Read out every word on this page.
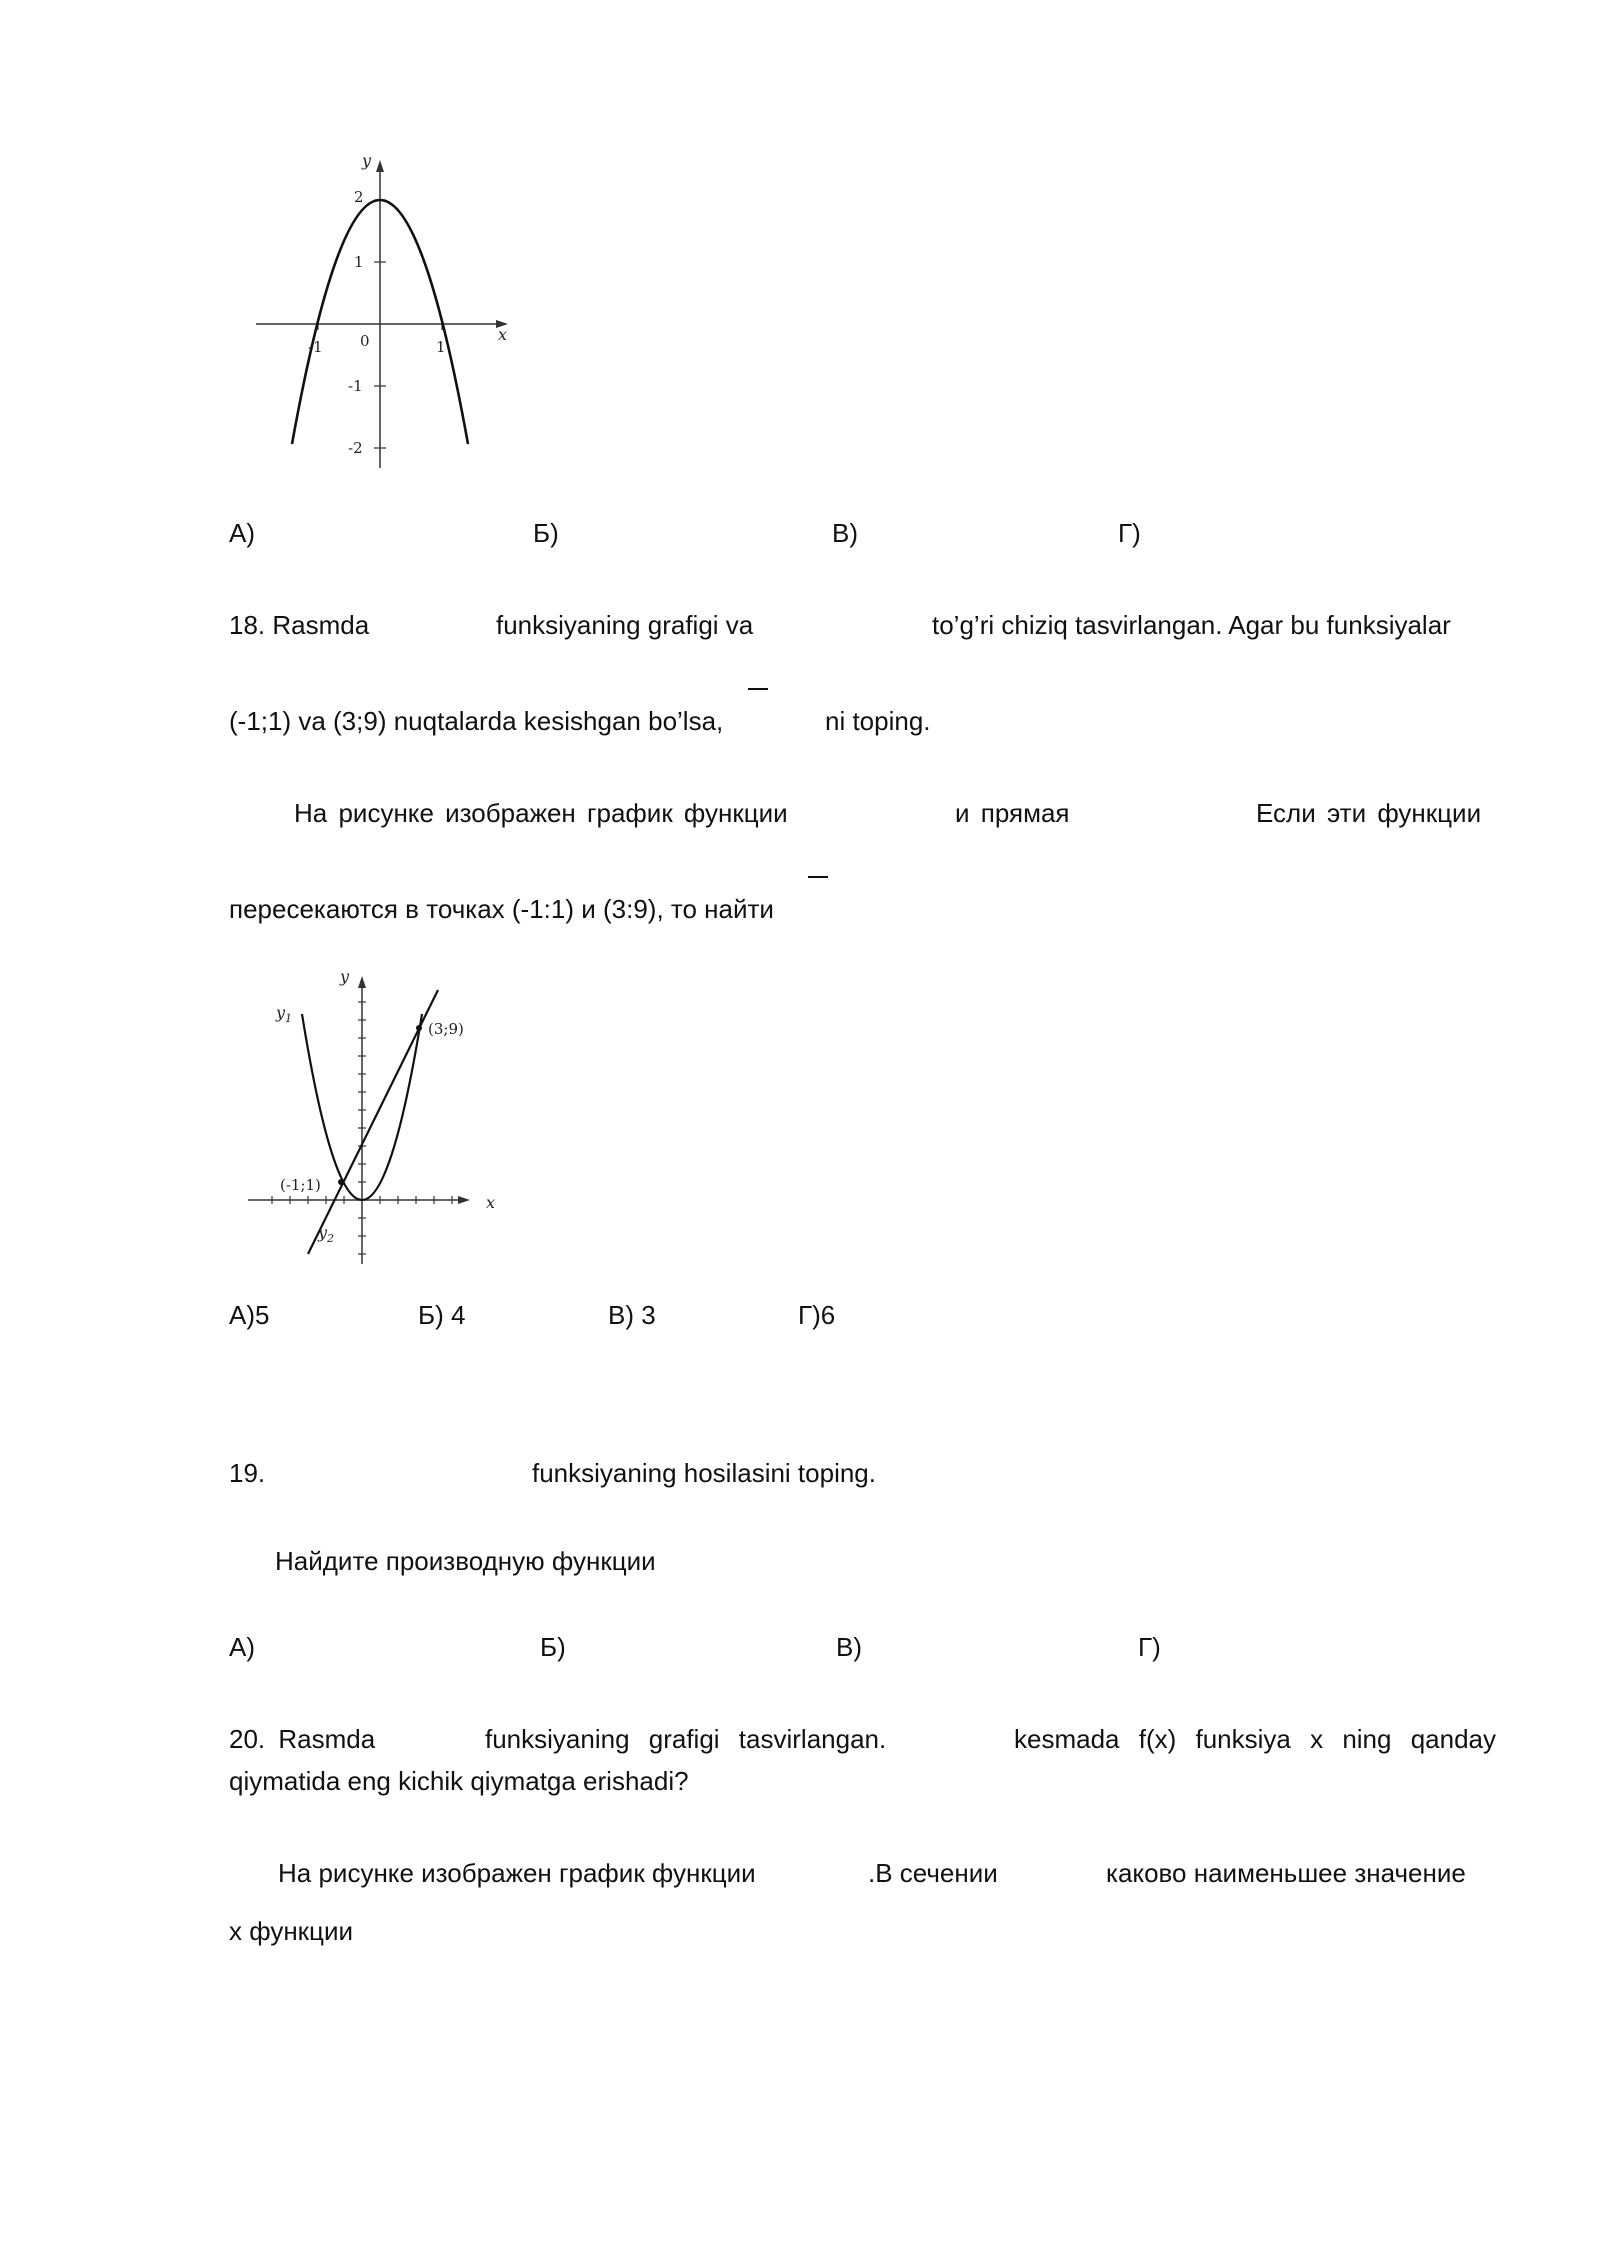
y
x
2
1
-1
-2
-1	1
0
A)	Б)	В)	Г)
18. Rasmda	funksiyaning grafigi va	to’g’ri chiziq tasvirlangan. Agar bu funksiyalar
(-1;1) va (3;9) nuqtalarda kesishgan bo’lsa,	ni toping.
На рисунке изображен график функции	и прямая	Если эти функции
пересекаются в точках (-1:1) и (3:9), то найти
y
x
$y_1$
$y_2$
(-1;1)
(3;9)
A)5	Б) 4	В) 3	Г)6
19.	funksiyaning hosilasini toping.
Найдите производную функции
A)	Б)	В)	Г)
20. Rasmda	funksiyaning grafigi tasvirlangan.	kesmada f(x) funksiya x ning qanday
qiymatida eng kichik qiymatga erishadi?
На рисунке изображен график функции	.В сечении	каково наименьшее значение
x функции
